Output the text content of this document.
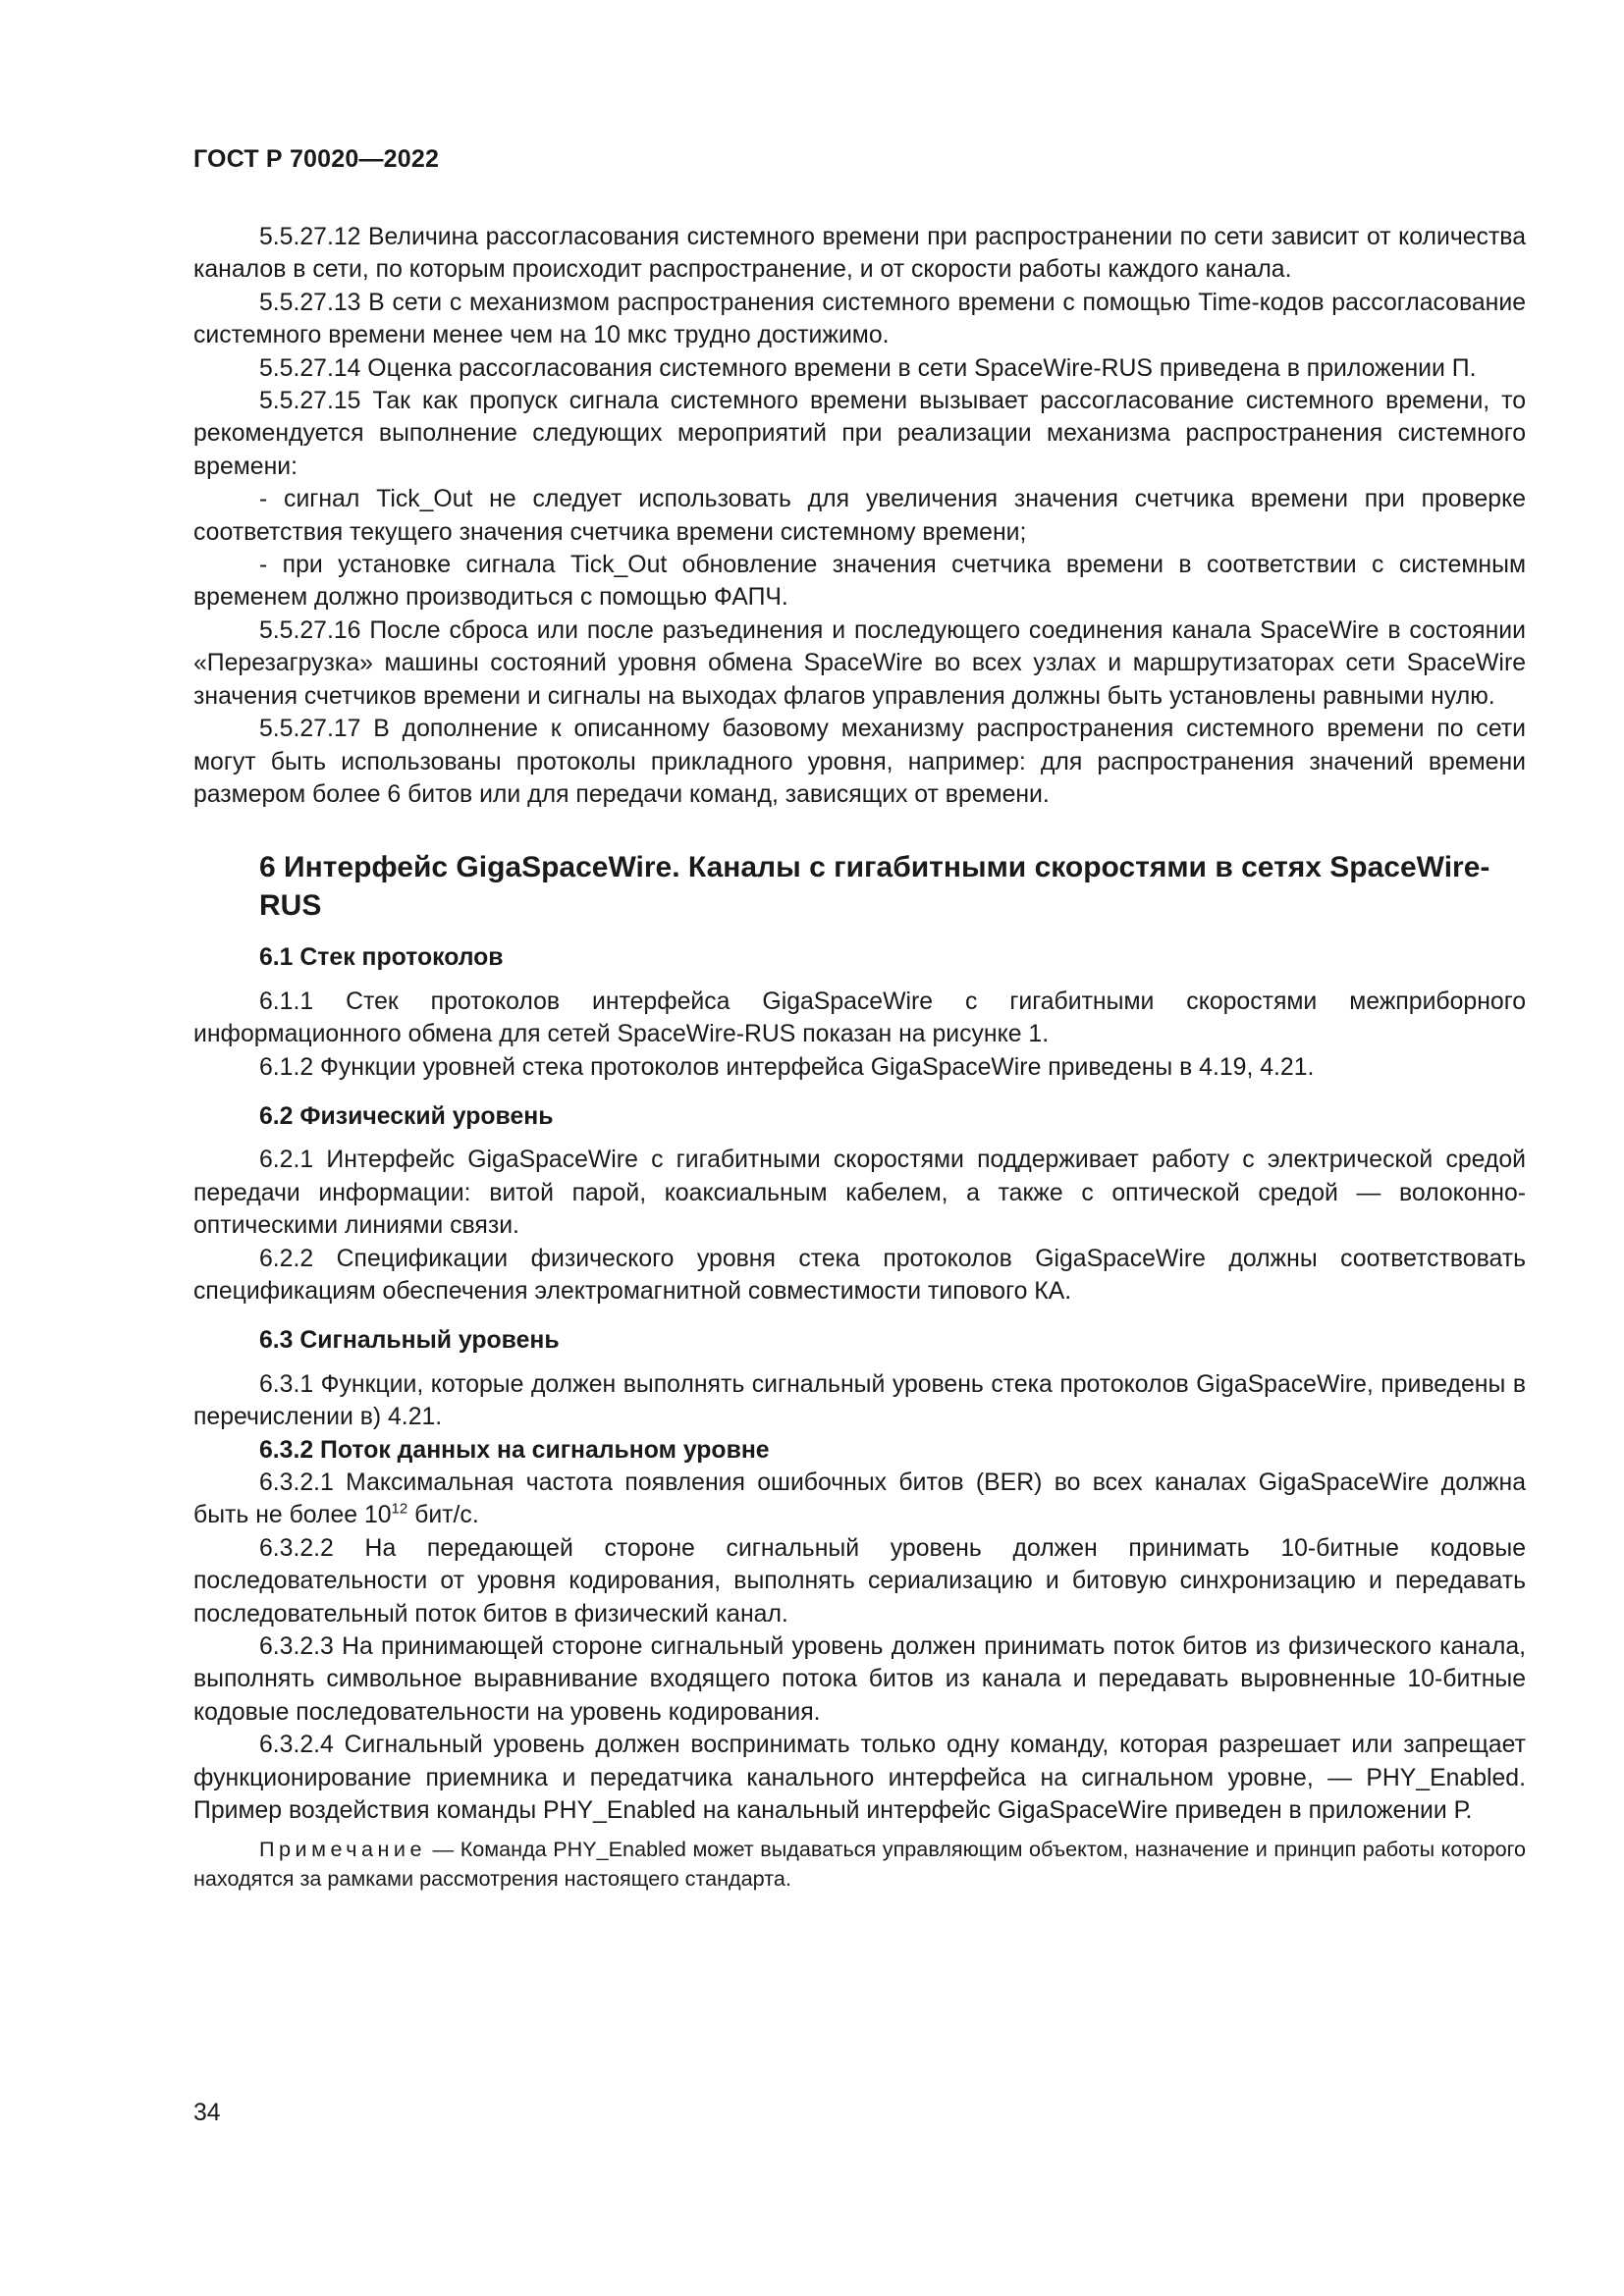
ГОСТ Р 70020—2022

5.5.27.12 Величина рассогласования системного времени при распространении по сети зависит от количества каналов в сети, по которым происходит распространение, и от скорости работы каждого канала.

5.5.27.13 В сети с механизмом распространения системного времени с помощью Time-кодов рассогласование системного времени менее чем на 10 мкс трудно достижимо.

5.5.27.14 Оценка рассогласования системного времени в сети SpaceWire-RUS приведена в приложении П.

5.5.27.15 Так как пропуск сигнала системного времени вызывает рассогласование системного времени, то рекомендуется выполнение следующих мероприятий при реализации механизма распространения системного времени:

- сигнал Tick_Out не следует использовать для увеличения значения счетчика времени при проверке соответствия текущего значения счетчика времени системному времени;

- при установке сигнала Tick_Out обновление значения счетчика времени в соответствии с системным временем должно производиться с помощью ФАПЧ.

5.5.27.16 После сброса или после разъединения и последующего соединения канала SpaceWire в состоянии «Перезагрузка» машины состояний уровня обмена SpaceWire во всех узлах и маршрутизаторах сети SpaceWire значения счетчиков времени и сигналы на выходах флагов управления должны быть установлены равными нулю.

5.5.27.17 В дополнение к описанному базовому механизму распространения системного времени по сети могут быть использованы протоколы прикладного уровня, например: для распространения значений времени размером более 6 битов или для передачи команд, зависящих от времени.

6 Интерфейс GigaSpaceWire. Каналы с гигабитными скоростями в сетях SpaceWire-RUS
6.1 Стек протоколов

6.1.1 Стек протоколов интерфейса GigaSpaceWire с гигабитными скоростями межприборного информационного обмена для сетей SpaceWire-RUS показан на рисунке 1.

6.1.2 Функции уровней стека протоколов интерфейса GigaSpaceWire приведены в 4.19, 4.21.

6.2 Физический уровень

6.2.1 Интерфейс GigaSpaceWire с гигабитными скоростями поддерживает работу с электрической средой передачи информации: витой парой, коаксиальным кабелем, а также с оптической средой — волоконно-оптическими линиями связи.

6.2.2 Спецификации физического уровня стека протоколов GigaSpaceWire должны соответствовать спецификациям обеспечения электромагнитной совместимости типового КА.

6.3 Сигнальный уровень

6.3.1 Функции, которые должен выполнять сигнальный уровень стека протоколов GigaSpaceWire, приведены в перечислении в) 4.21.

6.3.2 Поток данных на сигнальном уровне

6.3.2.1 Максимальная частота появления ошибочных битов (BER) во всех каналах GigaSpaceWire должна быть не более $10^{12}$ бит/с.

6.3.2.2 На передающей стороне сигнальный уровень должен принимать 10-битные кодовые последовательности от уровня кодирования, выполнять сериализацию и битовую синхронизацию и передавать последовательный поток битов в физический канал.

6.3.2.3 На принимающей стороне сигнальный уровень должен принимать поток битов из физического канала, выполнять символьное выравнивание входящего потока битов из канала и передавать выровненные 10-битные кодовые последовательности на уровень кодирования.

6.3.2.4 Сигнальный уровень должен воспринимать только одну команду, которая разрешает или запрещает функционирование приемника и передатчика канального интерфейса на сигнальном уровне, — PHY_Enabled. Пример воздействия команды PHY_Enabled на канальный интерфейс GigaSpaceWire приведен в приложении Р.

Примечание — Команда PHY_Enabled может выдаваться управляющим объектом, назначение и принцип работы которого находятся за рамками рассмотрения настоящего стандарта.

34
